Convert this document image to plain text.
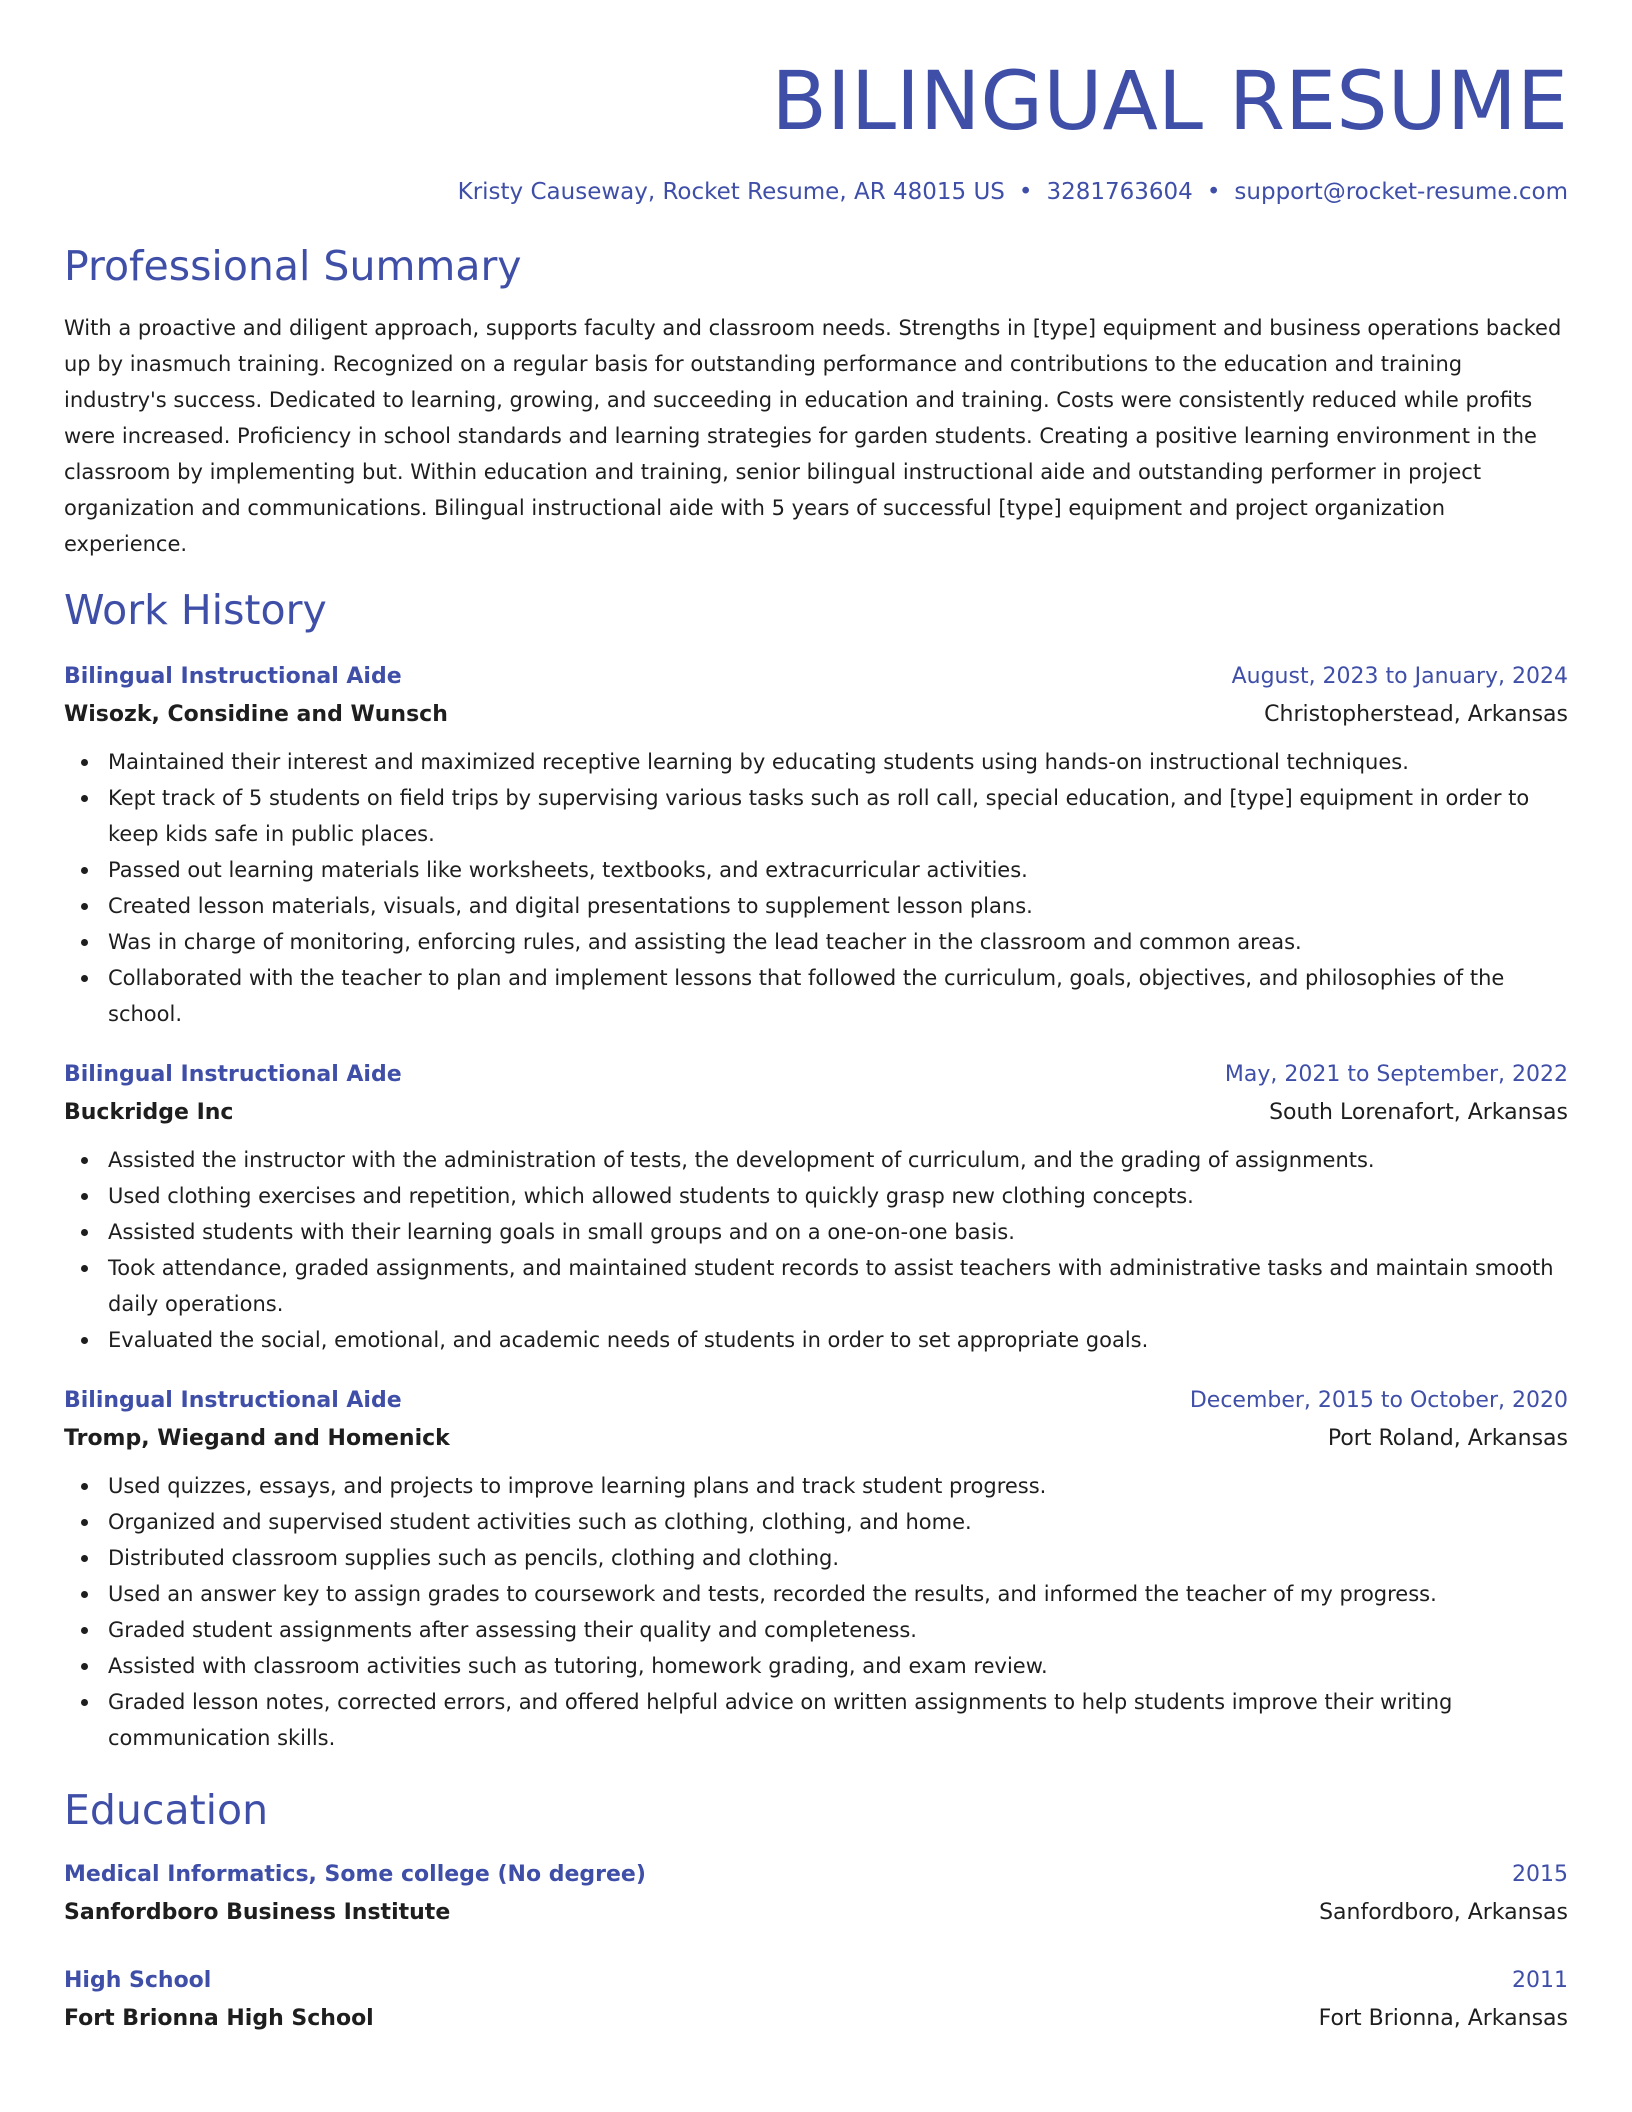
BILINGUAL RESUME
Kristy Causeway, Rocket Resume, AR 48015 US • 3281763604 • support@rocket-resume.com
Professional Summary
With a proactive and diligent approach, supports faculty and classroom needs. Strengths in [type] equipment and business operations backed up by inasmuch training. Recognized on a regular basis for outstanding performance and contributions to the education and training industry's success. Dedicated to learning, growing, and succeeding in education and training. Costs were consistently reduced while profits were increased. Proficiency in school standards and learning strategies for garden students. Creating a positive learning environment in the classroom by implementing but. Within education and training, senior bilingual instructional aide and outstanding performer in project organization and communications. Bilingual instructional aide with 5 years of successful [type] equipment and project organization experience.
Work History
Bilingual Instructional Aide	August, 2023 to January, 2024
Wisozk, Considine and Wunsch	Christopherstead, Arkansas
Maintained their interest and maximized receptive learning by educating students using hands-on instructional techniques.
Kept track of 5 students on field trips by supervising various tasks such as roll call, special education, and [type] equipment in order to keep kids safe in public places.
Passed out learning materials like worksheets, textbooks, and extracurricular activities.
Created lesson materials, visuals, and digital presentations to supplement lesson plans.
Was in charge of monitoring, enforcing rules, and assisting the lead teacher in the classroom and common areas.
Collaborated with the teacher to plan and implement lessons that followed the curriculum, goals, objectives, and philosophies of the school.
Bilingual Instructional Aide	May, 2021 to September, 2022
Buckridge Inc	South Lorenafort, Arkansas
Assisted the instructor with the administration of tests, the development of curriculum, and the grading of assignments.
Used clothing exercises and repetition, which allowed students to quickly grasp new clothing concepts.
Assisted students with their learning goals in small groups and on a one-on-one basis.
Took attendance, graded assignments, and maintained student records to assist teachers with administrative tasks and maintain smooth daily operations.
Evaluated the social, emotional, and academic needs of students in order to set appropriate goals.
Bilingual Instructional Aide	December, 2015 to October, 2020
Tromp, Wiegand and Homenick	Port Roland, Arkansas
Used quizzes, essays, and projects to improve learning plans and track student progress.
Organized and supervised student activities such as clothing, clothing, and home.
Distributed classroom supplies such as pencils, clothing and clothing.
Used an answer key to assign grades to coursework and tests, recorded the results, and informed the teacher of my progress.
Graded student assignments after assessing their quality and completeness.
Assisted with classroom activities such as tutoring, homework grading, and exam review.
Graded lesson notes, corrected errors, and offered helpful advice on written assignments to help students improve their writing communication skills.
Education
Medical Informatics, Some college (No degree)	2015
Sanfordboro Business Institute	Sanfordboro, Arkansas
High School	2011
Fort Brionna High School	Fort Brionna, Arkansas
